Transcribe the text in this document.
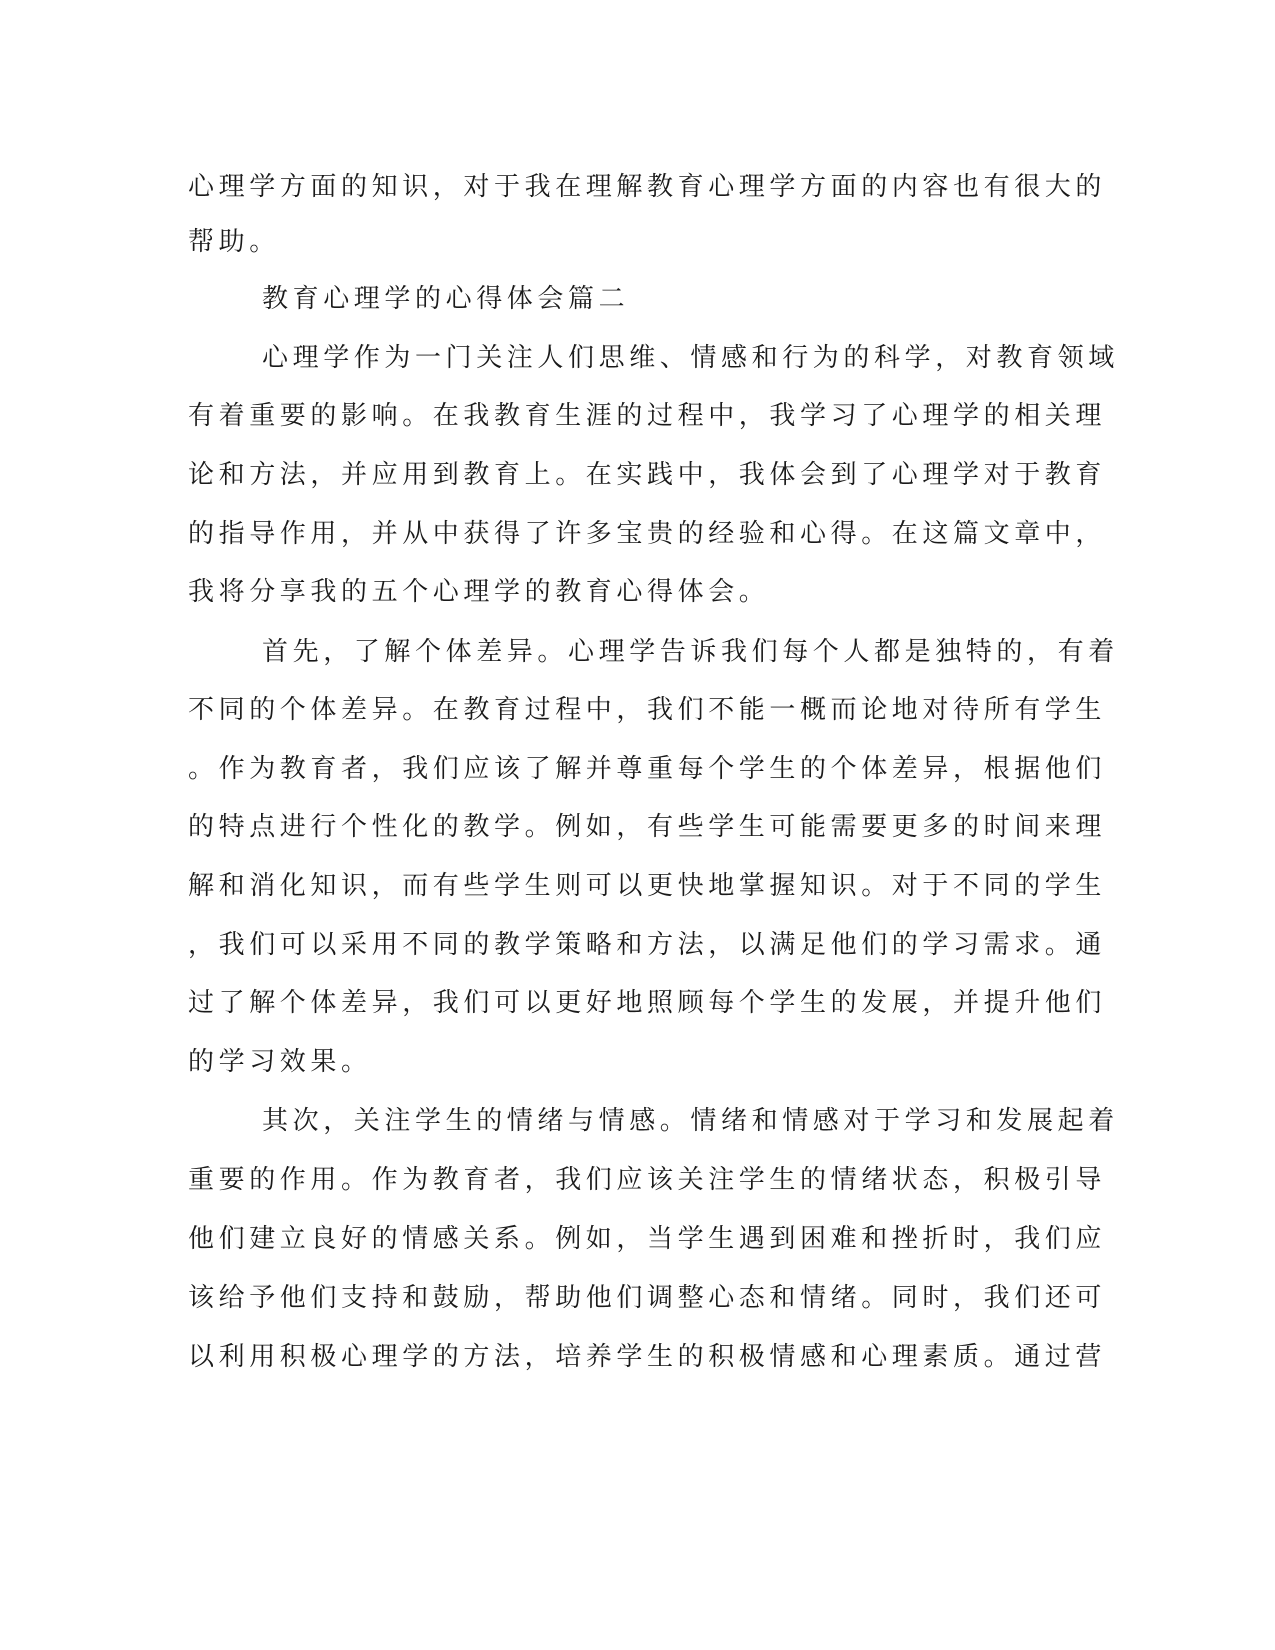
心理学方面的知识，对于我在理解教育心理学方面的内容也有很大的
帮助。
教育心理学的心得体会篇二
心理学作为一门关注人们思维、情感和行为的科学，对教育领域
有着重要的影响。在我教育生涯的过程中，我学习了心理学的相关理
论和方法，并应用到教育上。在实践中，我体会到了心理学对于教育
的指导作用，并从中获得了许多宝贵的经验和心得。在这篇文章中，
我将分享我的五个心理学的教育心得体会。
首先，了解个体差异。心理学告诉我们每个人都是独特的，有着
不同的个体差异。在教育过程中，我们不能一概而论地对待所有学生
。作为教育者，我们应该了解并尊重每个学生的个体差异，根据他们
的特点进行个性化的教学。例如，有些学生可能需要更多的时间来理
解和消化知识，而有些学生则可以更快地掌握知识。对于不同的学生
，我们可以采用不同的教学策略和方法，以满足他们的学习需求。通
过了解个体差异，我们可以更好地照顾每个学生的发展，并提升他们
的学习效果。
其次，关注学生的情绪与情感。情绪和情感对于学习和发展起着
重要的作用。作为教育者，我们应该关注学生的情绪状态，积极引导
他们建立良好的情感关系。例如，当学生遇到困难和挫折时，我们应
该给予他们支持和鼓励，帮助他们调整心态和情绪。同时，我们还可
以利用积极心理学的方法，培养学生的积极情感和心理素质。通过营
